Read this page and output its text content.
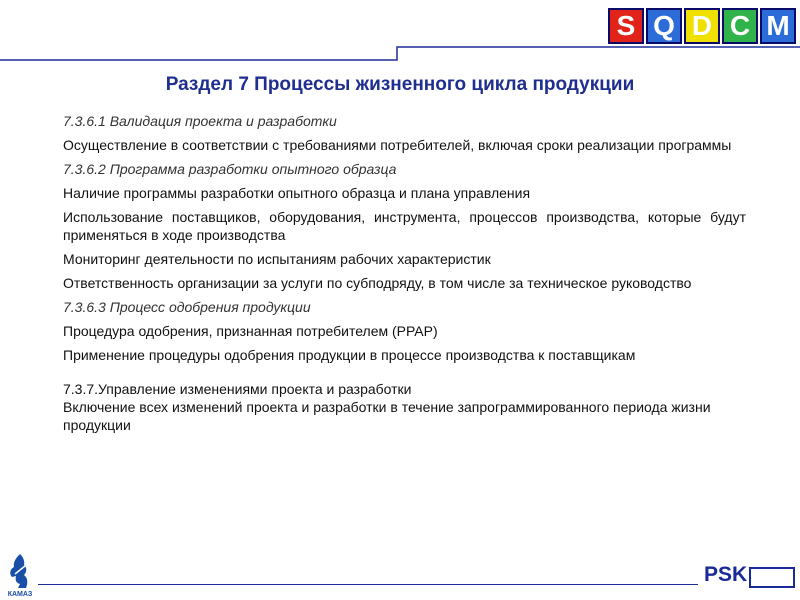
S Q D C M
Раздел 7 Процессы жизненного цикла продукции
7.3.6.1 Валидация проекта и разработки
Осуществление в соответствии с требованиями потребителей, включая сроки реализации программы
7.3.6.2 Программа разработки опытного образца
Наличие программы разработки опытного образца и плана управления
Использование поставщиков, оборудования, инструмента, процессов производства, которые будут применяться в ходе производства
Мониторинг деятельности по испытаниям рабочих характеристик
Ответственность организации за услуги по субподряду, в том числе за техническое руководство
7.3.6.3 Процесс одобрения продукции
Процедура одобрения, признанная потребителем (PPAP)
Применение процедуры одобрения продукции в процессе производства к поставщикам
7.3.7.Управление изменениями проекта и разработки
Включение всех изменений проекта и разработки в течение запрограммированного периода жизни продукции
КАМАЗ
PSK
